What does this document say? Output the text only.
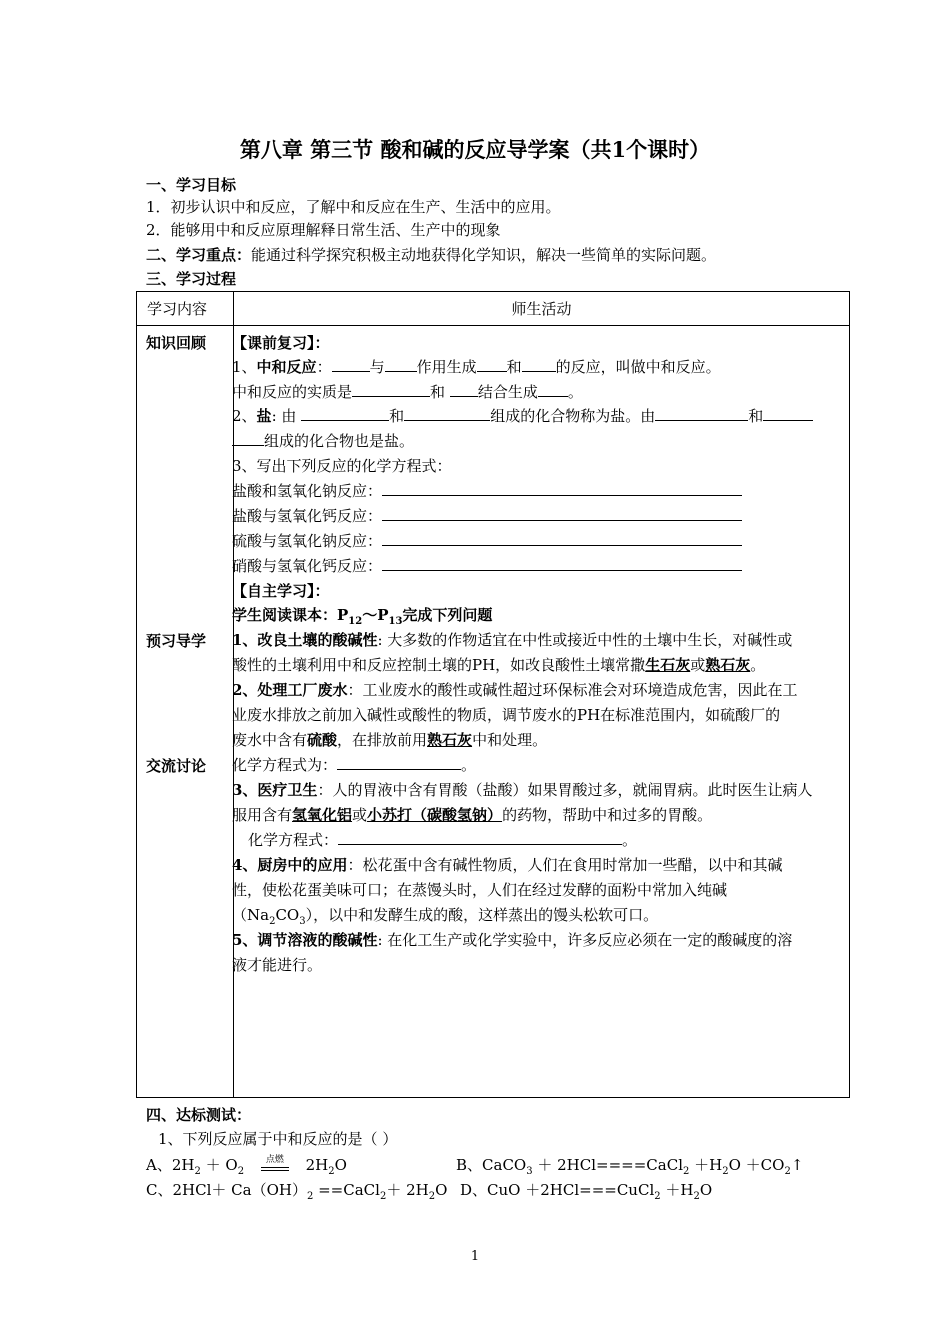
第八章 第三节 酸和碱的反应导学案（共1个课时）
一、学习目标
1．初步认识中和反应，了解中和反应在生产、生活中的应用。
2．能够用中和反应原理解释日常生活、生产中的现象
二、学习重点：能通过科学探究积极主动地获得化学知识，解决一些简单的实际问题。
三、学习过程
学习内容	师生活动

知识回顾
预习导学
交流讨论
【课前复习】：
1、中和反应：	与 作用生成 和 的反应，叫做中和反应。
中和反应的实质是	和 结合生成 。
2、盐: 由	和	组成的化合物称为盐。由	和
组成的化合物也是盐。
3、写出下列反应的化学方程式：
盐酸和氢氧化钠反应：
盐酸与氢氧化钙反应：
硫酸与氢氧化钠反应：
硝酸与氢氧化钙反应：
【自主学习】：
学生阅读课本：$P_{12}\sim P_{13}$完成下列问题
1、改良土壤的酸碱性: 大多数的作物适宜在中性或接近中性的土壤中生长，对碱性或
酸性的土壤利用中和反应控制土壤的PH，如改良酸性土壤常撒生石灰或熟石灰。
2、处理工厂废水：工业废水的酸性或碱性超过环保标准会对环境造成危害，因此在工
业废水排放之前加入碱性或酸性的物质，调节废水的PH在标准范围内，如硫酸厂的
废水中含有硫酸，在排放前用熟石灰中和处理。
化学方程式为：	。
3、医疗卫生：人的胃液中含有胃酸（盐酸）如果胃酸过多，就闹胃病。此时医生让病人
服用含有氢氧化铝或小苏打（碳酸氢钠）的药物，帮助中和过多的胃酸。
化学方程式：	。
4、厨房中的应用：松花蛋中含有碱性物质，人们在食用时常加一些醋，以中和其碱
性，使松花蛋美味可口；在蒸馒头时，人们在经过发酵的面粉中常加入纯碱
$(Na_2CO_3)$，以中和发酵生成的酸，这样蒸出的馒头松软可口。
5、调节溶液的酸碱性: 在化工生产或化学实验中，许多反应必须在一定的酸碱度的溶
液才能进行。
四、达标测试：
1、下列反应属于中和反应的是（ ）
A、$2H_2 + O_2$ $^{点燃}$ $2H_2O$	B、CaCO$_3$ ＋ 2HCl====CaCl$_2$ $+H_2O$ $+CO_2↑$
C、$2HCl+ Ca(OH)_2$ ==CaCl$_2$＋ $2H_2O$ D、CuO ＋2HCl===CuCl$_2$ $+H_2O$
1
